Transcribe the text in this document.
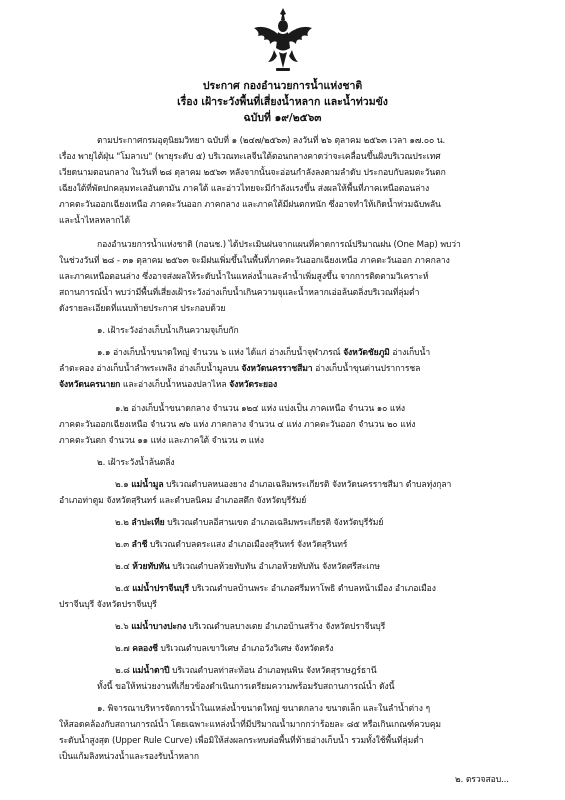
ประกาศ กองอำนวยการน้ำแห่งชาติ
เรื่อง เฝ้าระวังพื้นที่เสี่ยงน้ำหลาก และน้ำท่วมขัง
ฉบับที่ ๑๙/๒๕๖๓
ตามประกาศกรมอุตุนิยมวิทยา ฉบับที่ ๑ (๒๔๗/๒๕๖๓) ลงวันที่ ๒๖ ตุลาคม ๒๕๖๓ เวลา ๑๗.๐๐ น.
เรื่อง พายุไต้ฝุ่น "โมลาเบ" (พายุระดับ ๕) บริเวณทะเลจีนใต้ตอนกลางคาดว่าจะเคลื่อนขึ้นฝั่งบริเวณประเทศ
เวียดนามตอนกลาง ในวันที่ ๒๘ ตุลาคม ๒๕๖๓ หลังจากนั้นจะอ่อนกำลังลงตามลำดับ ประกอบกับลมตะวันตก
เฉียงใต้ที่พัดปกคลุมทะเลอันดามัน ภาคใต้ และอ่าวไทยจะมีกำลังแรงขึ้น ส่งผลให้พื้นที่ภาคเหนือตอนล่าง
ภาคตะวันออกเฉียงเหนือ ภาคตะวันออก ภาคกลาง และภาคใต้มีฝนตกหนัก ซึ่งอาจทำให้เกิดน้ำท่วมฉับพลัน
และน้ำไหลหลากได้
กองอำนวยการน้ำแห่งชาติ (กอนช.) ได้ประเมินฝนจากแผนที่คาดการณ์ปริมาณฝน (One Map) พบว่า
ในช่วงวันที่ ๒๘ - ๓๑ ตุลาคม ๒๕๖๓ จะมีฝนเพิ่มขึ้นในพื้นที่ภาคตะวันออกเฉียงเหนือ ภาคตะวันออก ภาคกลาง
และภาคเหนือตอนล่าง ซึ่งอาจส่งผลให้ระดับน้ำในแหล่งน้ำและลำน้ำเพิ่มสูงขึ้น จากการติดตามวิเคราะห์
สถานการณ์น้ำ พบว่ามีพื้นที่เสี่ยงเฝ้าระวังอ่างเก็บน้ำเกินความจุและน้ำหลากเอ่อล้นตลิ่งบริเวณที่ลุ่มต่ำ
ดังรายละเอียดที่แนบท้ายประกาศ ประกอบด้วย
๑. เฝ้าระวังอ่างเก็บน้ำเกินความจุเก็บกัก
๑.๑ อ่างเก็บน้ำขนาดใหญ่ จำนวน ๖ แห่ง ได้แก่ อ่างเก็บน้ำจุฬาภรณ์ จังหวัดชัยภูมิ อ่างเก็บน้ำ
ลำตะคอง อ่างเก็บน้ำลำพระเพลิง อ่างเก็บน้ำมูลบน จังหวัดนครราชสีมา อ่างเก็บน้ำขุนด่านปราการชล
จังหวัดนครนายก และอ่างเก็บน้ำหนองปลาไหล จังหวัดระยอง
๑.๒ อ่างเก็บน้ำขนาดกลาง จำนวน ๑๒๔ แห่ง แบ่งเป็น ภาคเหนือ จำนวน ๑๐ แห่ง
ภาคตะวันออกเฉียงเหนือ จำนวน ๗๖ แห่ง ภาคกลาง จำนวน ๔ แห่ง ภาคตะวันออก จำนวน ๒๐ แห่ง
ภาคตะวันตก จำนวน ๑๑ แห่ง และภาคใต้ จำนวน ๓ แห่ง
๒. เฝ้าระวังน้ำล้นตลิ่ง
๒.๑ แม่น้ำมูล บริเวณตำบลหนองยาง อำเภอเฉลิมพระเกียรติ จังหวัดนครราชสีมา ตำบลทุ่งกุลา
อำเภอท่าตูม จังหวัดสุรินทร์ และตำบลนิคม อำเภอสตึก จังหวัดบุรีรัมย์
๒.๒ ลำปะเทีย บริเวณตำบลอีสานเขต อำเภอเฉลิมพระเกียรติ จังหวัดบุรีรัมย์
๒.๓ ลำชี บริเวณตำบลตระแสง อำเภอเมืองสุรินทร์ จังหวัดสุรินทร์
๒.๔ ห้วยทับทัน บริเวณตำบลห้วยทับทัน อำเภอห้วยทับทัน จังหวัดศรีสะเกษ
๒.๕ แม่น้ำปราจีนบุรี บริเวณตำบลบ้านพระ อำเภอศรีมหาโพธิ ตำบลหน้าเมือง อำเภอเมือง
ปราจีนบุรี จังหวัดปราจีนบุรี
๒.๖ แม่น้ำบางปะกง บริเวณตำบลบางเตย อำเภอบ้านสร้าง จังหวัดปราจีนบุรี
๒.๗ คลองชี บริเวณตำบลเขาวิเศษ อำเภอวังวิเศษ จังหวัดตรัง
๒.๘ แม่น้ำตาปี บริเวณตำบลท่าสะท้อน อำเภอพุนพิน จังหวัดสุราษฎร์ธานี
ทั้งนี้ ขอให้หน่วยงานที่เกี่ยวข้องดำเนินการเตรียมความพร้อมรับสถานการณ์น้ำ ดังนี้
๑. พิจารณาบริหารจัดการน้ำในแหล่งน้ำขนาดใหญ่ ขนาดกลาง ขนาดเล็ก และในลำน้ำต่าง ๆ
ให้สอดคล้องกับสถานการณ์น้ำ โดยเฉพาะแหล่งน้ำที่มีปริมาณน้ำมากกว่าร้อยละ ๘๕ หรือเกินเกณฑ์ควบคุม
ระดับน้ำสูงสุด (Upper Rule Curve) เพื่อมิให้ส่งผลกระทบต่อพื้นที่ท้ายอ่างเก็บน้ำ รวมทั้งใช้พื้นที่ลุ่มต่ำ
เป็นแก้มลิงหน่วงน้ำและรองรับน้ำหลาก
๒. ตรวจสอบ...
